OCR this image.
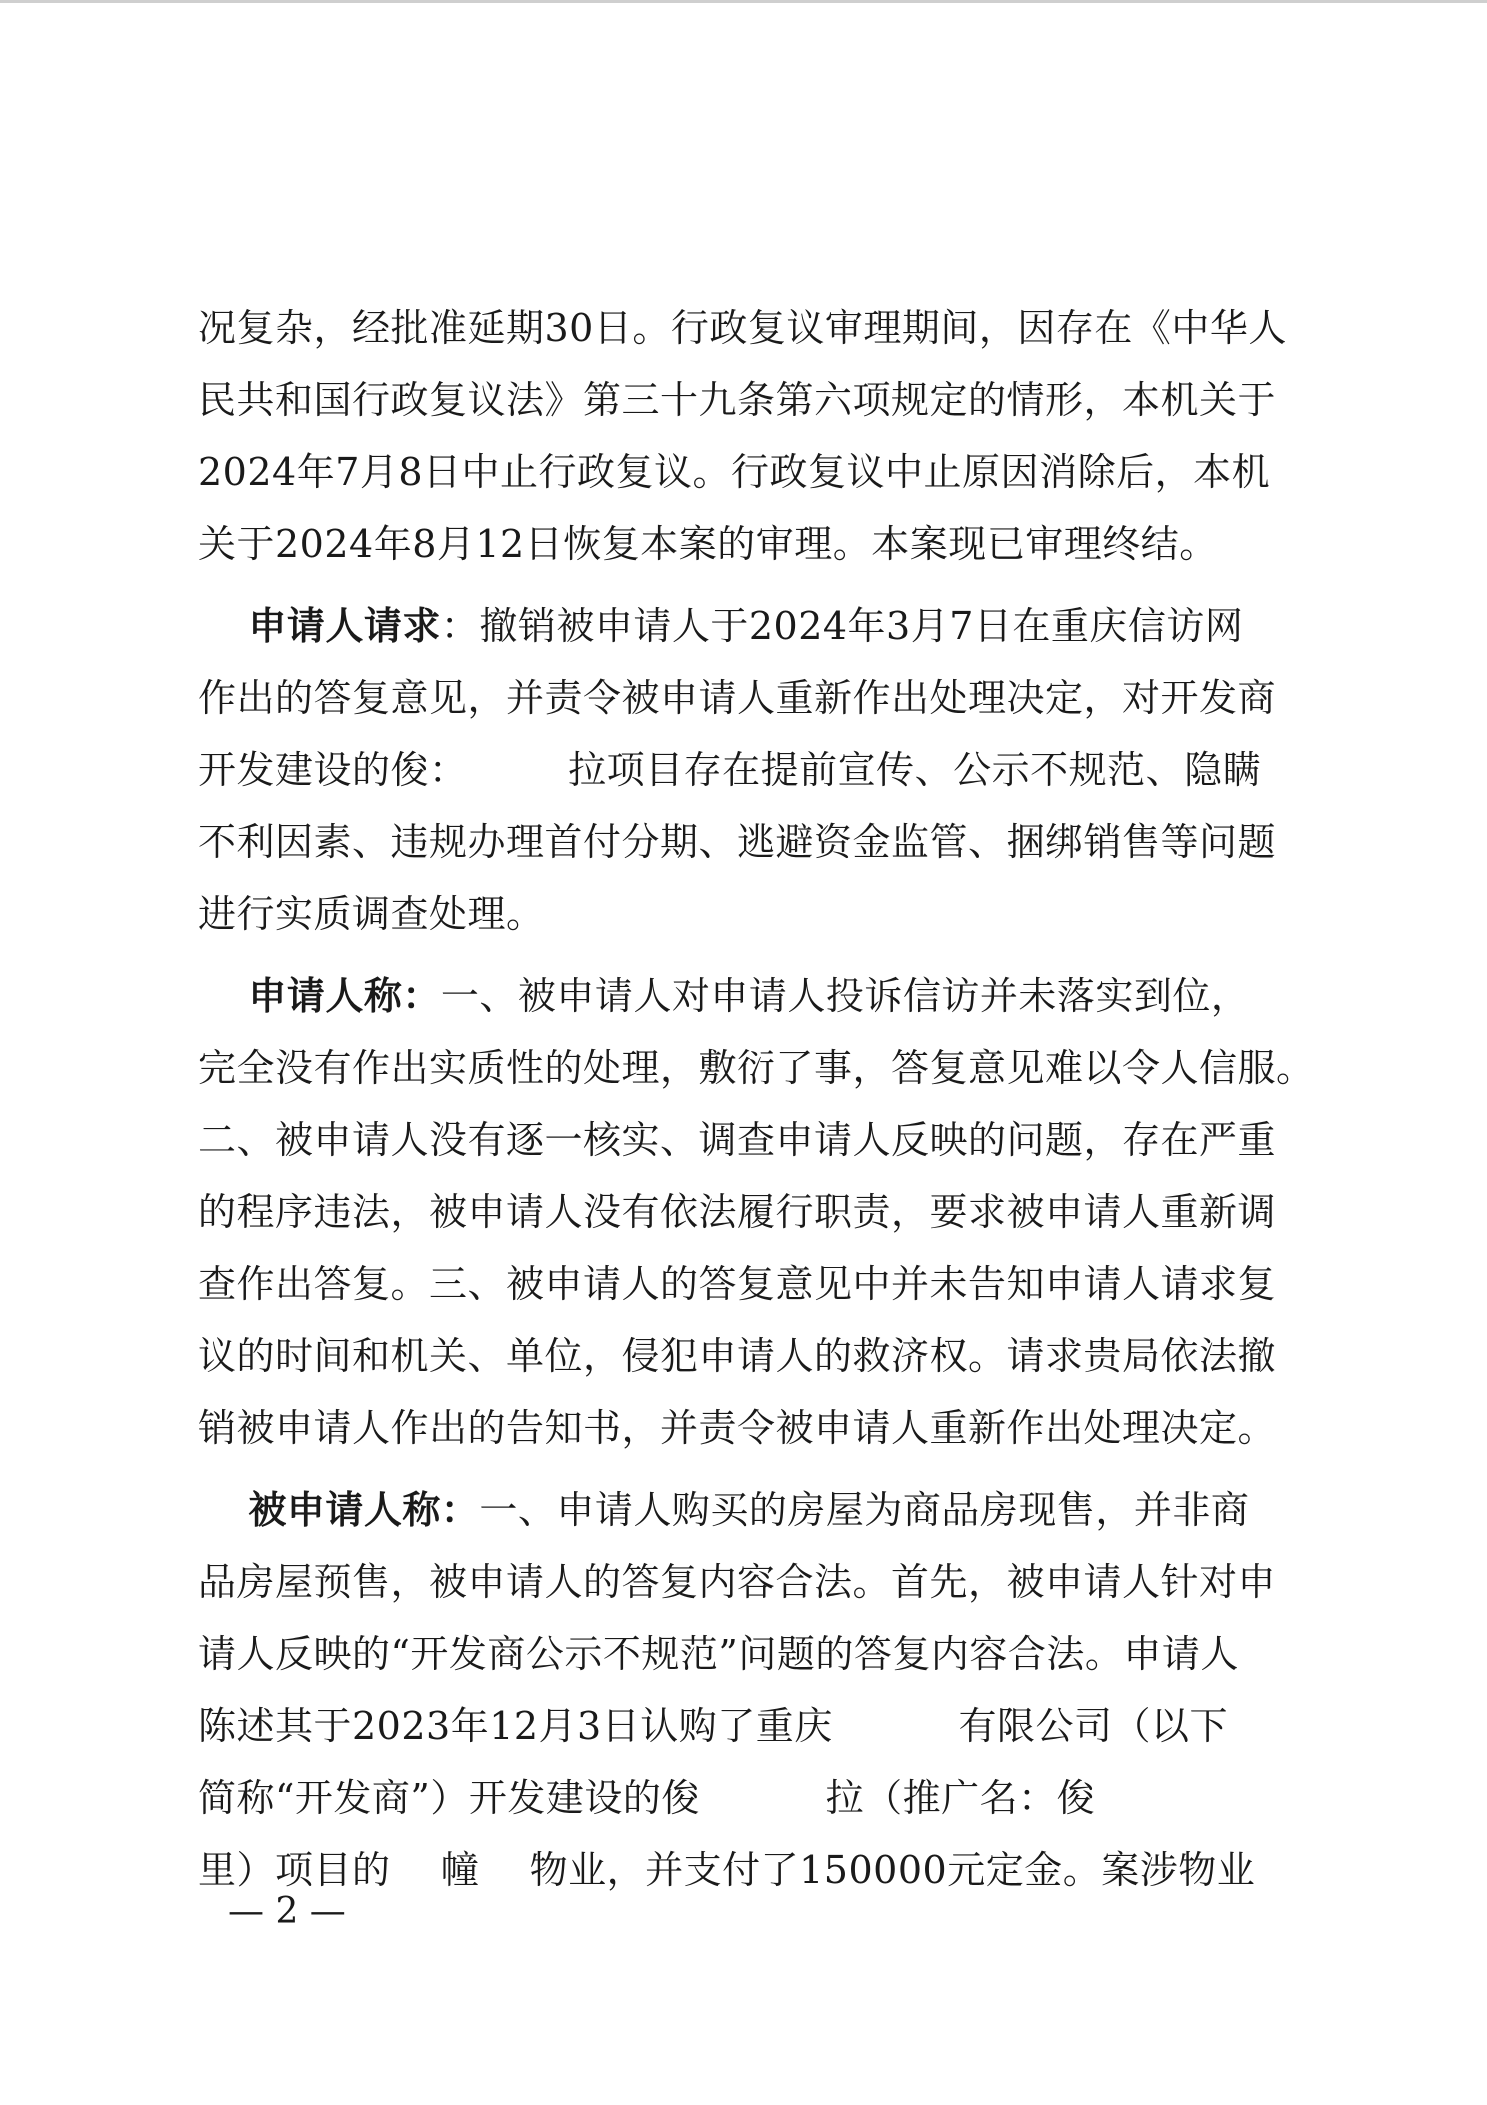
况复杂，经批准延期30日。行政复议审理期间，因存在《中华人
民共和国行政复议法》第三十九条第六项规定的情形，本机关于
2024年7月8日中止行政复议。行政复议中止原因消除后，本机
关于2024年8月12日恢复本案的审理。本案现已审理终结。
申请人请求：撤销被申请人于2024年3月7日在重庆信访网
作出的答复意见，并责令被申请人重新作出处理决定，对开发商
开发建设的俊：        拉项目存在提前宣传、公示不规范、隐瞒
不利因素、违规办理首付分期、逃避资金监管、捆绑销售等问题
进行实质调查处理。
申请人称：一、被申请人对申请人投诉信访并未落实到位，
完全没有作出实质性的处理，敷衍了事，答复意见难以令人信服。
二、被申请人没有逐一核实、调查申请人反映的问题，存在严重
的程序违法，被申请人没有依法履行职责，要求被申请人重新调
查作出答复。三、被申请人的答复意见中并未告知申请人请求复
议的时间和机关、单位，侵犯申请人的救济权。请求贵局依法撤
销被申请人作出的告知书，并责令被申请人重新作出处理决定。
被申请人称：一、申请人购买的房屋为商品房现售，并非商
品房屋预售，被申请人的答复内容合法。首先，被申请人针对申
请人反映的“开发商公示不规范”问题的答复内容合法。申请人
陈述其于2023年12月3日认购了重庆          有限公司（以下
简称“开发商”）开发建设的俊          拉（推广名：俊
里）项目的    幢    物业，并支付了150000元定金。案涉物业
— 2 —
